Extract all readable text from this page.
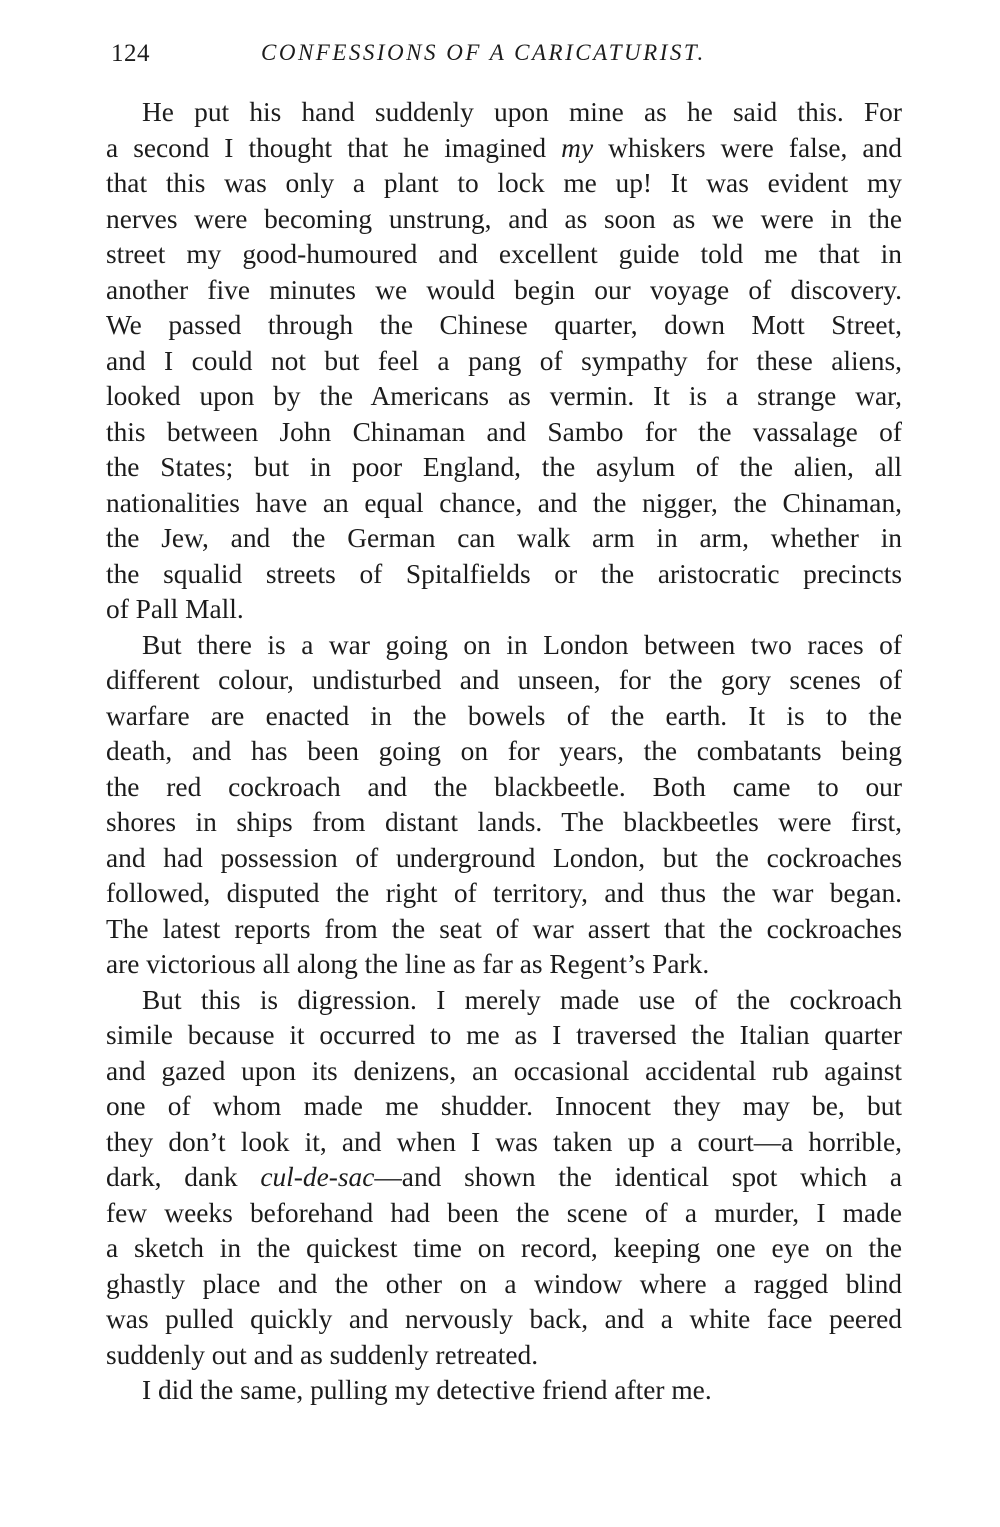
124	CONFESSIONS OF A CARICATURIST.
He put his hand suddenly upon mine as he said this. For
a second I thought that he imagined my whiskers were false, and
that this was only a plant to lock me up! It was evident my
nerves were becoming unstrung, and as soon as we were in the
street my good-humoured and excellent guide told me that in
another five minutes we would begin our voyage of discovery.
We passed through the Chinese quarter, down Mott Street,
and I could not but feel a pang of sympathy for these aliens,
looked upon by the Americans as vermin. It is a strange war,
this between John Chinaman and Sambo for the vassalage of
the States; but in poor England, the asylum of the alien, all
nationalities have an equal chance, and the nigger, the Chinaman,
the Jew, and the German can walk arm in arm, whether in
the squalid streets of Spitalfields or the aristocratic precincts
of Pall Mall.
But there is a war going on in London between two races of
different colour, undisturbed and unseen, for the gory scenes of
warfare are enacted in the bowels of the earth. It is to the
death, and has been going on for years, the combatants being
the red cockroach and the blackbeetle. Both came to our
shores in ships from distant lands. The blackbeetles were first,
and had possession of underground London, but the cockroaches
followed, disputed the right of territory, and thus the war began.
The latest reports from the seat of war assert that the cockroaches
are victorious all along the line as far as Regent’s Park.
But this is digression. I merely made use of the cockroach
simile because it occurred to me as I traversed the Italian quarter
and gazed upon its denizens, an occasional accidental rub against
one of whom made me shudder. Innocent they may be, but
they don’t look it, and when I was taken up a court—a horrible,
dark, dank cul-de-sac—and shown the identical spot which a
few weeks beforehand had been the scene of a murder, I made
a sketch in the quickest time on record, keeping one eye on the
ghastly place and the other on a window where a ragged blind
was pulled quickly and nervously back, and a white face peered
suddenly out and as suddenly retreated.
I did the same, pulling my detective friend after me.
